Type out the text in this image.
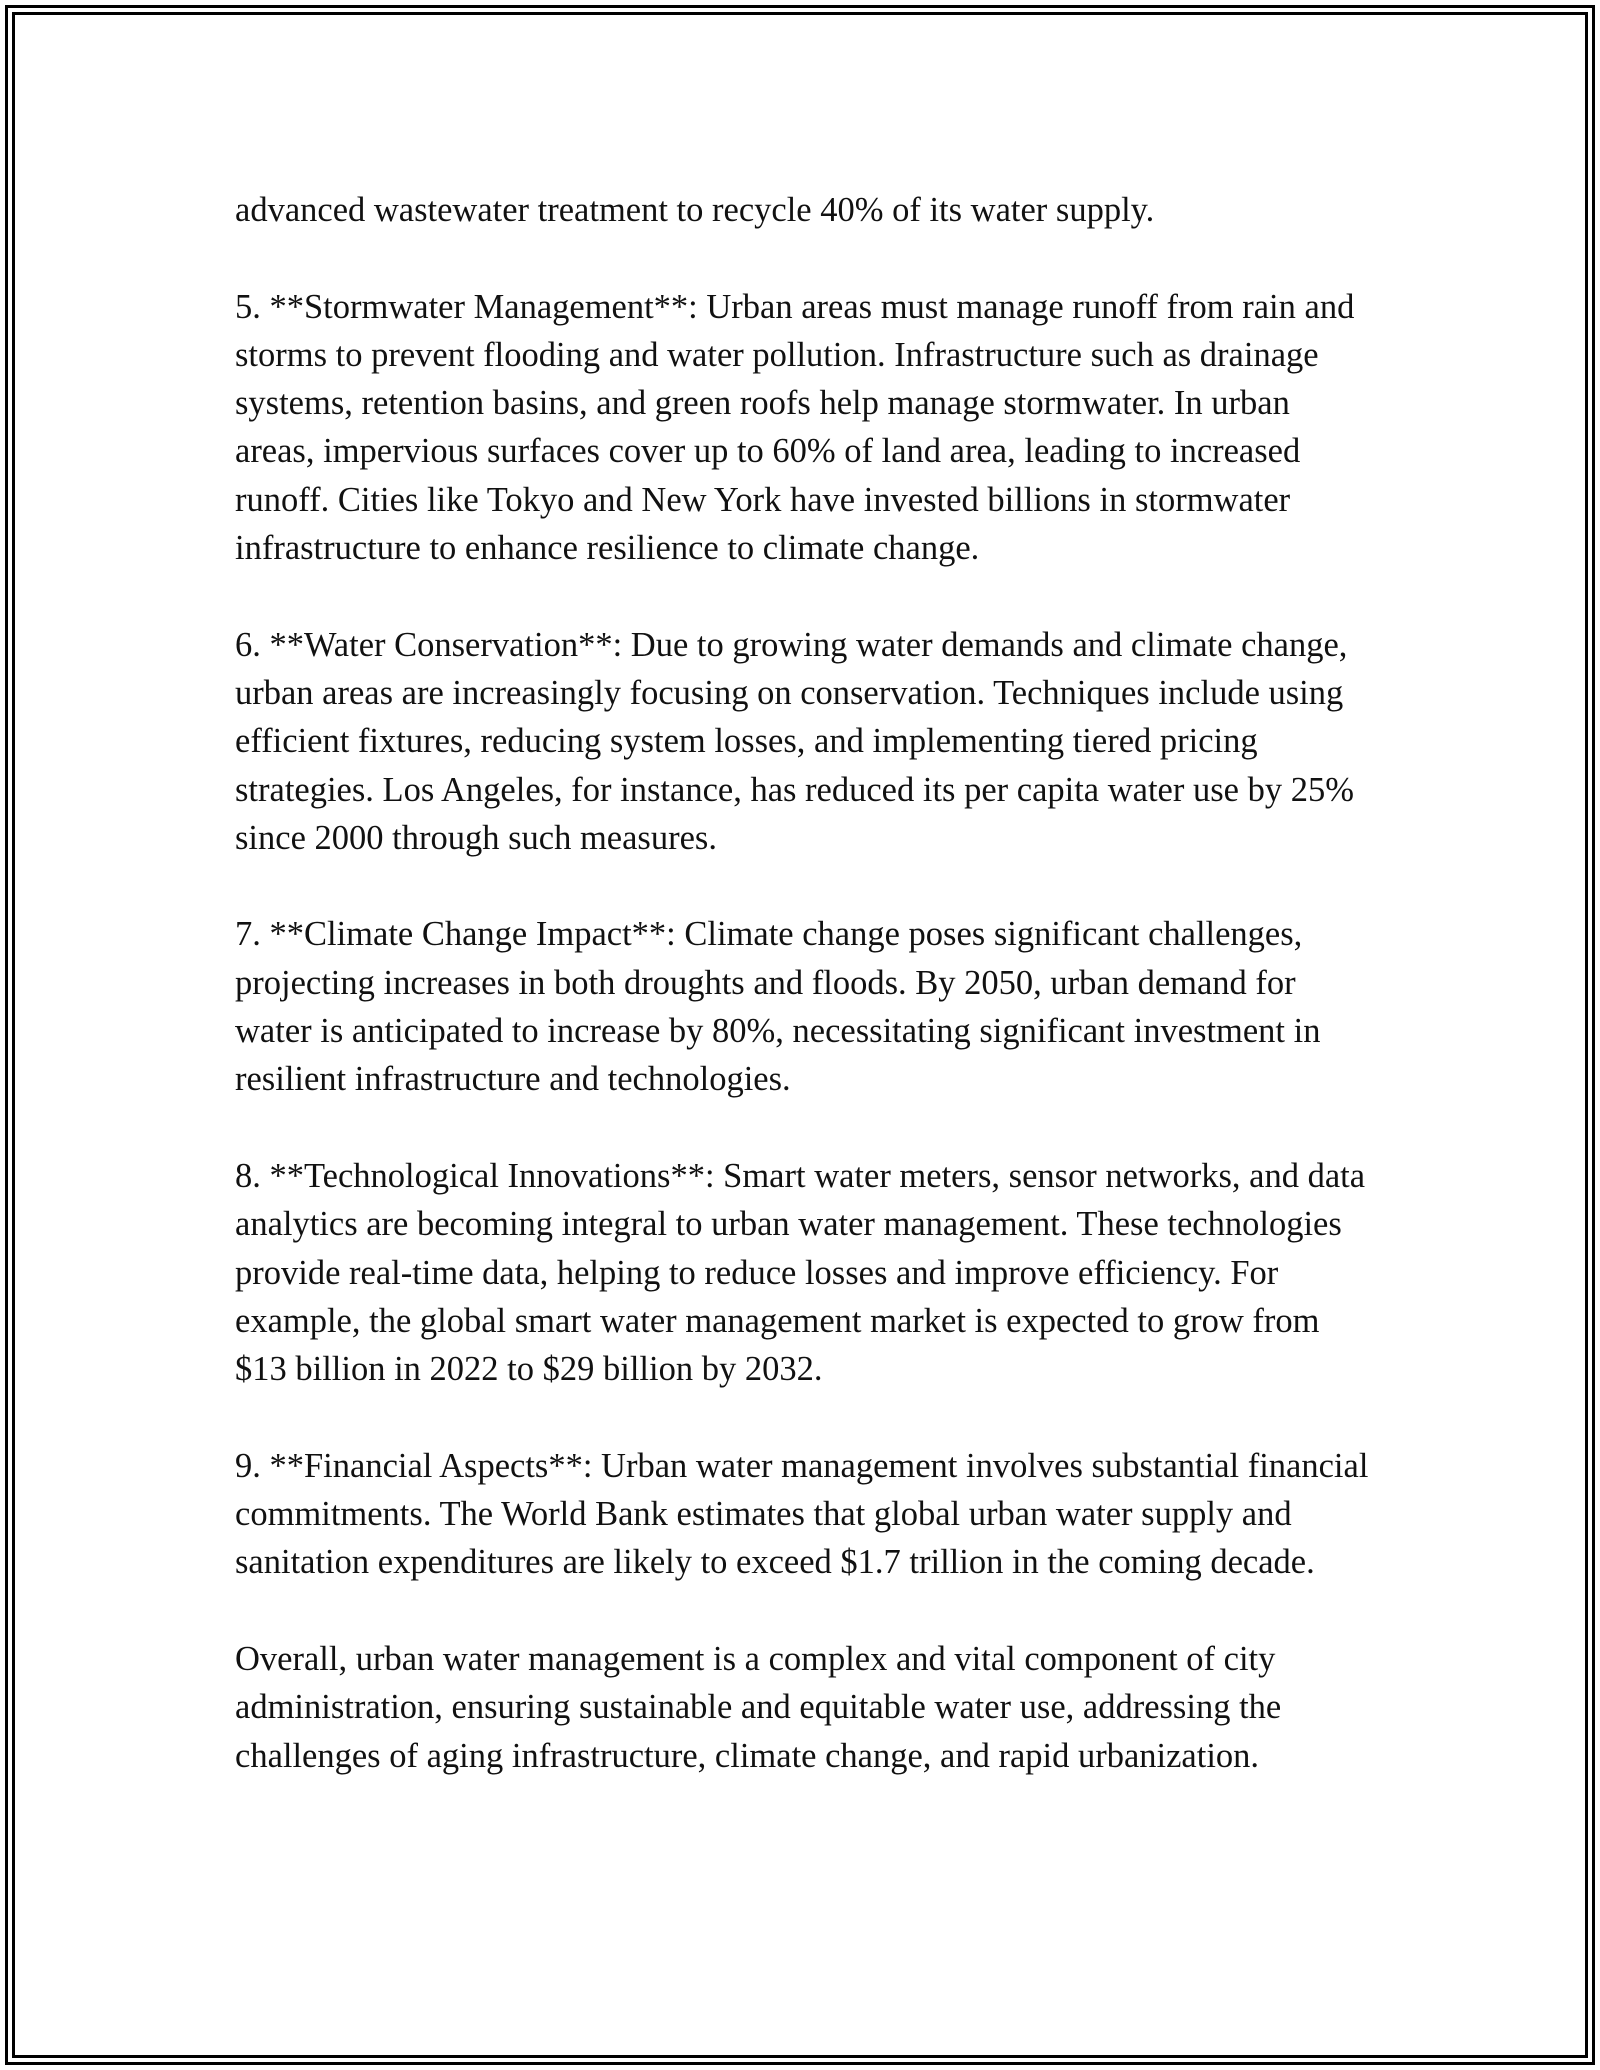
advanced wastewater treatment to recycle 40% of its water supply.

5. **Stormwater Management**: Urban areas must manage runoff from rain and storms to prevent flooding and water pollution. Infrastructure such as drainage systems, retention basins, and green roofs help manage stormwater. In urban areas, impervious surfaces cover up to 60% of land area, leading to increased runoff. Cities like Tokyo and New York have invested billions in stormwater infrastructure to enhance resilience to climate change.

6. **Water Conservation**: Due to growing water demands and climate change, urban areas are increasingly focusing on conservation. Techniques include using efficient fixtures, reducing system losses, and implementing tiered pricing strategies. Los Angeles, for instance, has reduced its per capita water use by 25% since 2000 through such measures.

7. **Climate Change Impact**: Climate change poses significant challenges, projecting increases in both droughts and floods. By 2050, urban demand for water is anticipated to increase by 80%, necessitating significant investment in resilient infrastructure and technologies.

8. **Technological Innovations**: Smart water meters, sensor networks, and data analytics are becoming integral to urban water management. These technologies provide real-time data, helping to reduce losses and improve efficiency. For example, the global smart water management market is expected to grow from $13 billion in 2022 to $29 billion by 2032.

9. **Financial Aspects**: Urban water management involves substantial financial commitments. The World Bank estimates that global urban water supply and sanitation expenditures are likely to exceed $1.7 trillion in the coming decade.

Overall, urban water management is a complex and vital component of city administration, ensuring sustainable and equitable water use, addressing the challenges of aging infrastructure, climate change, and rapid urbanization.
